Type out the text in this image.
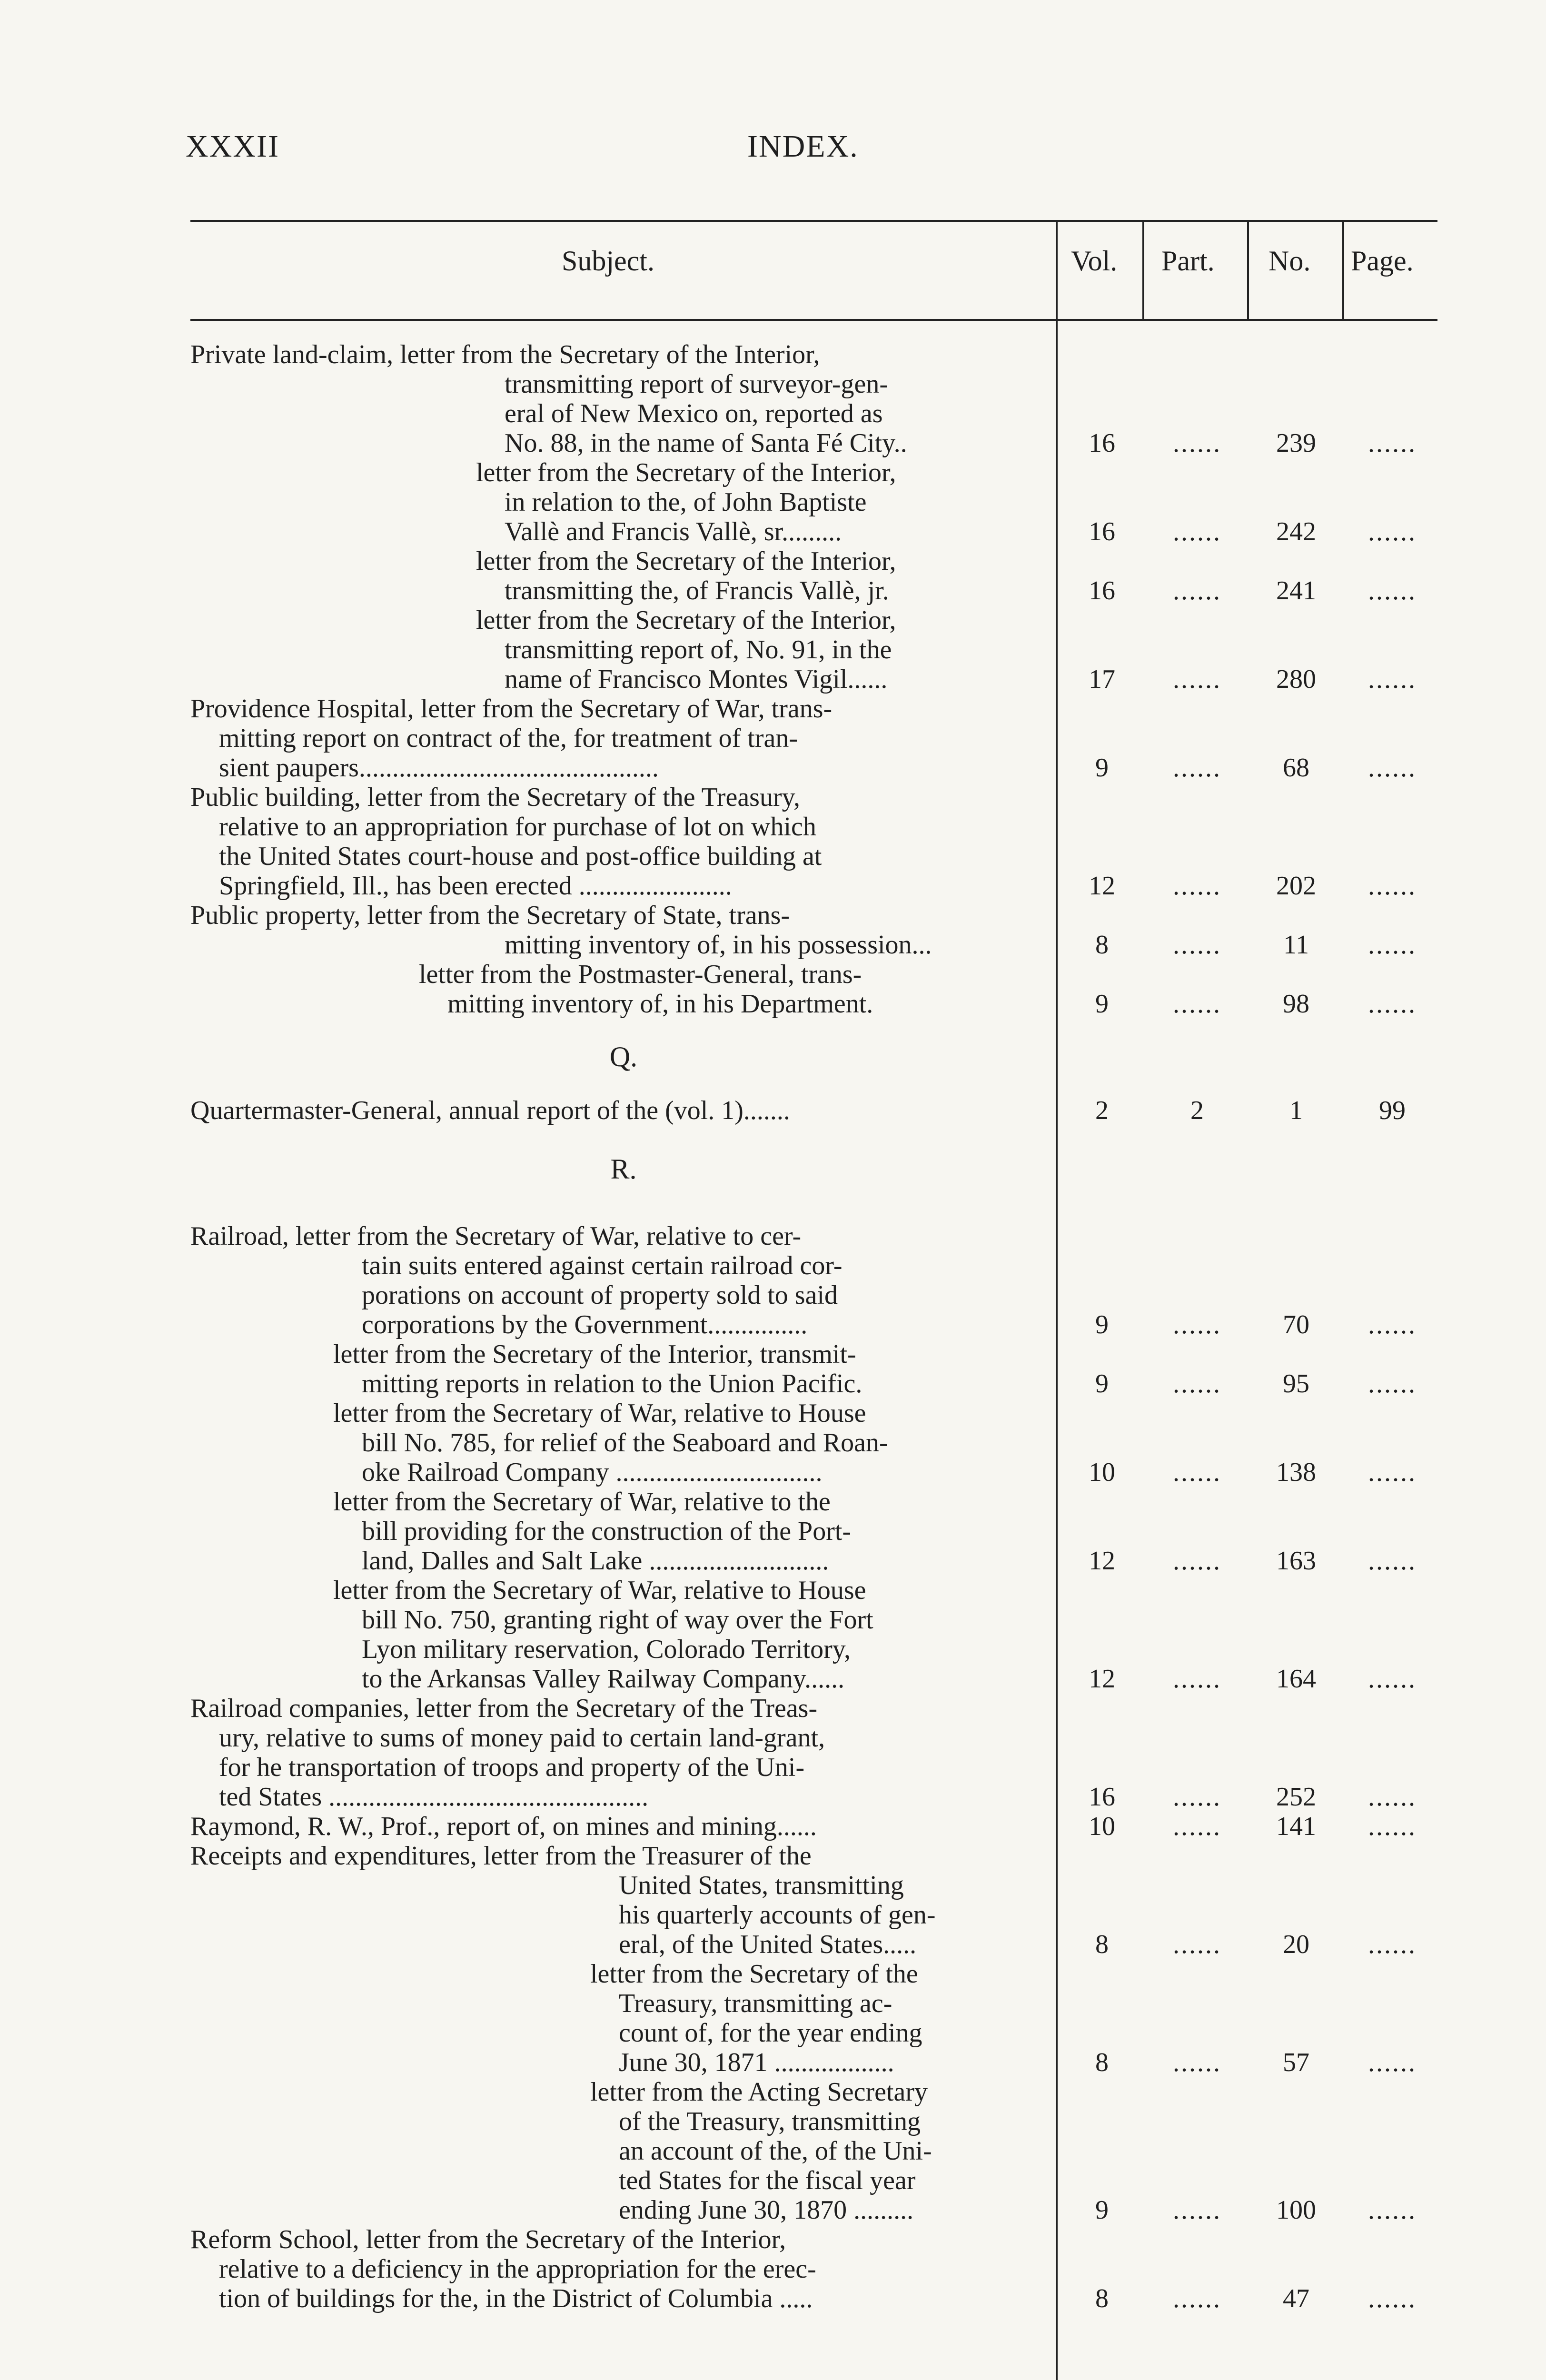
XXXII	INDEX.
Subject.	Vol. Part. No. Page.
Private land-claim, letter from the Secretary of the Interior,
transmitting report of surveyor-gen-
eral of New Mexico on, reported as
No. 88, in the name of Santa Fé City..	16	......	239	......
letter from the Secretary of the Interior,
in relation to the, of John Baptiste
Vallè and Francis Vallè, sr.........	16	......	242	......
letter from the Secretary of the Interior,
transmitting the, of Francis Vallè, jr.	16	......	241	......
letter from the Secretary of the Interior,
transmitting report of, No. 91, in the
name of Francisco Montes Vigil......	17	......	280	......
Providence Hospital, letter from the Secretary of War, trans-
mitting report on contract of the, for treatment of tran-
sient paupers.............................................	9	......	68	......
Public building, letter from the Secretary of the Treasury,
relative to an appropriation for purchase of lot on which
the United States court-house and post-office building at
Springfield, Ill., has been erected .......................	12	......	202	......
Public property, letter from the Secretary of State, trans-
mitting inventory of, in his possession...	8	......	11	......
letter from the Postmaster-General, trans-
mitting inventory of, in his Department.	9	......	98	......
Q.
Quartermaster-General, annual report of the (vol. 1).......	2	2	1	99
R.
Railroad, letter from the Secretary of War, relative to cer-
tain suits entered against certain railroad cor-
porations on account of property sold to said
corporations by the Government...............	9	......	70	......
letter from the Secretary of the Interior, transmit-
mitting reports in relation to the Union Pacific.	9	......	95	......
letter from the Secretary of War, relative to House
bill No. 785, for relief of the Seaboard and Roan-
oke Railroad Company ...............................	10	......	138	......
letter from the Secretary of War, relative to the
bill providing for the construction of the Port-
land, Dalles and Salt Lake ...........................	12	......	163	......
letter from the Secretary of War, relative to House
bill No. 750, granting right of way over the Fort
Lyon military reservation, Colorado Territory,
to the Arkansas Valley Railway Company......	12	......	164	......
Railroad companies, letter from the Secretary of the Treas-
ury, relative to sums of money paid to certain land-grant,
for he transportation of troops and property of the Uni-
ted States ................................................	16	......	252	......
Raymond, R. W., Prof., report of, on mines and mining......	10	......	141	......
Receipts and expenditures, letter from the Treasurer of the
United States, transmitting
his quarterly accounts of gen-
eral, of the United States.....	8	......	20	......
letter from the Secretary of the
Treasury, transmitting ac-
count of, for the year ending
June 30, 1871 ..................	8	......	57	......
letter from the Acting Secretary
of the Treasury, transmitting
an account of the, of the Uni-
ted States for the fiscal year
ending June 30, 1870 .........	9	......	100	......
Reform School, letter from the Secretary of the Interior,
relative to a deficiency in the appropriation for the erec-
tion of buildings for the, in the District of Columbia .....	8	......	47	......
